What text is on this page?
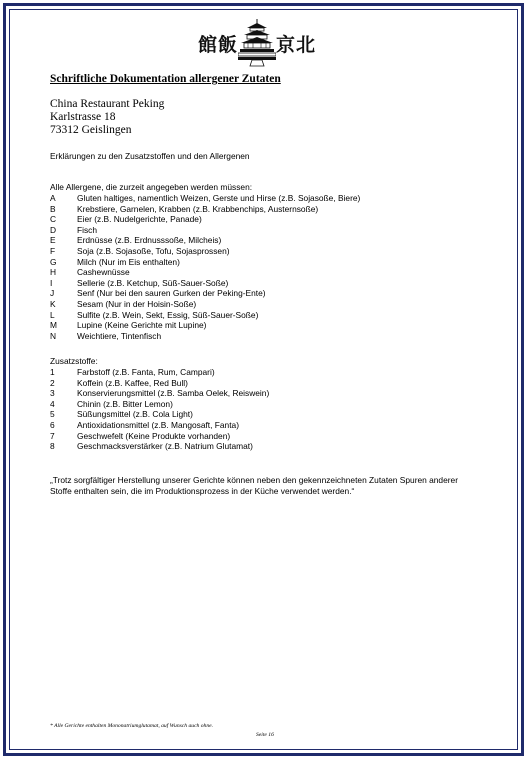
館 飯 京 北
Schriftliche Dokumentation allergener Zutaten
China Restaurant Peking
Karlstrasse 18
73312 Geislingen
Erklärungen zu den Zusatzstoffen und den Allergenen
Alle Allergene, die zurzeit angegeben werden müssen:
A	Gluten haltiges, namentlich Weizen, Gerste und Hirse (z.B. Sojasoße, Biere)
B	Krebstiere, Garnelen, Krabben (z.B. Krabbenchips, Austernsoße)
C Eier (z.B. Nudelgerichte, Panade)
D Fisch
E	Erdnüsse (z.B. Erdnusssoße, Milcheis)
F	Soja (z.B. Sojasoße, Tofu, Sojasprossen)
G Milch (Nur im Eis enthalten)
H Cashewnüsse
I	Sellerie (z.B. Ketchup, Süß-Sauer-Soße)
J	Senf (Nur bei den sauren Gurken der Peking-Ente)
K	Sesam (Nur in der Hoisin-Soße)
L	Sulfite (z.B. Wein, Sekt, Essig, Süß-Sauer-Soße)
M Lupine (Keine Gerichte mit Lupine)
N Weichtiere, Tintenfisch
Zusatzstoffe:
1	Farbstoff (z.B. Fanta, Rum, Campari)
2	Koffein (z.B. Kaffee, Red Bull)
3	Konservierungsmittel (z.B. Samba Oelek, Reiswein)
4	Chinin (z.B. Bitter Lemon)
5	Süßungsmittel (z.B. Cola Light)
6	Antioxidationsmittel (z.B. Mangosaft, Fanta)
7	Geschwefelt (Keine Produkte vorhanden)
8	Geschmacksverstärker (z.B. Natrium Glutamat)
„Trotz sorgfältiger Herstellung unserer Gerichte können neben den gekennzeichneten Zutaten Spuren anderer Stoffe enthalten sein, die im Produktionsprozess in der Küche verwendet werden.“
* Alle Gerichte enthalten Mononatriumglutamat, auf Wunsch auch ohne.
Seite 16
